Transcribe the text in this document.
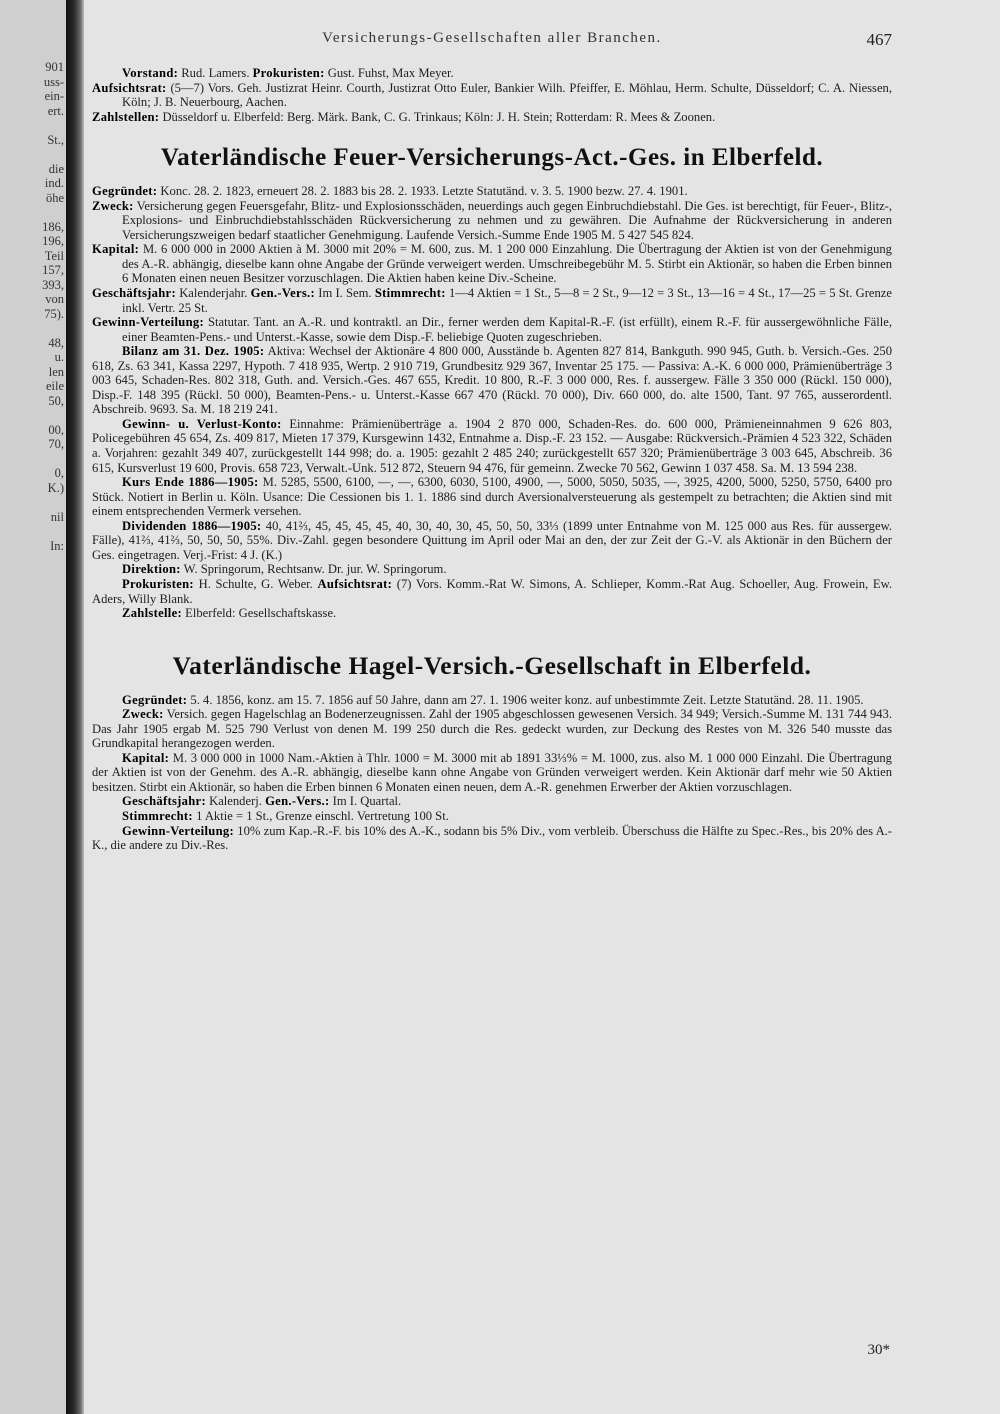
901
uss-
ein-
ert.
St.,
die
ind.
öhe
186,
196,
Teil
157,
393,
von
75).
48,
u.
len
eile
50,
00,
70,
0,
K.)
nil
In:
Versicherungs-Gesellschaften aller Branchen.	467
Vorstand: Rud. Lamers. Prokuristen: Gust. Fuhst, Max Meyer.
Aufsichtsrat: (5—7) Vors. Geh. Justizrat Heinr. Courth, Justizrat Otto Euler, Bankier Wilh. Pfeiffer, E. Möhlau, Herm. Schulte, Düsseldorf; C. A. Niessen, Köln; J. B. Neuerbourg, Aachen.
Zahlstellen: Düsseldorf u. Elberfeld: Berg. Märk. Bank, C. G. Trinkaus; Köln: J. H. Stein; Rotterdam: R. Mees & Zoonen.
Vaterländische Feuer-Versicherungs-Act.-Ges. in Elberfeld.
Gegründet: Konc. 28. 2. 1823, erneuert 28. 2. 1883 bis 28. 2. 1933. Letzte Statutänd. v. 3. 5. 1900 bezw. 27. 4. 1901.
Zweck: Versicherung gegen Feuersgefahr, Blitz- und Explosionsschäden, neuerdings auch gegen Einbruchdiebstahl. Die Ges. ist berechtigt, für Feuer-, Blitz-, Explosions- und Einbruchdiebstahlsschäden Rückversicherung zu nehmen und zu gewähren. Die Aufnahme der Rückversicherung in anderen Versicherungszweigen bedarf staatlicher Genehmigung. Laufende Versich.-Summe Ende 1905 M. 5 427 545 824.
Kapital: M. 6 000 000 in 2000 Aktien à M. 3000 mit 20% = M. 600, zus. M. 1 200 000 Einzahlung. Die Übertragung der Aktien ist von der Genehmigung des A.-R. abhängig, dieselbe kann ohne Angabe der Gründe verweigert werden. Umschreibegebühr M. 5. Stirbt ein Aktionär, so haben die Erben binnen 6 Monaten einen neuen Besitzer vorzuschlagen. Die Aktien haben keine Div.-Scheine.
Geschäftsjahr: Kalenderjahr. Gen.-Vers.: Im I. Sem. Stimmrecht: 1—4 Aktien = 1 St., 5—8 = 2 St., 9—12 = 3 St., 13—16 = 4 St., 17—25 = 5 St. Grenze inkl. Vertr. 25 St.
Gewinn-Verteilung: Statutar. Tant. an A.-R. und kontraktl. an Dir., ferner werden dem Kapital-R.-F. (ist erfüllt), einem R.-F. für aussergewöhnliche Fälle, einer Beamten-Pens.- und Unterst.-Kasse, sowie dem Disp.-F. beliebige Quoten zugeschrieben.
Bilanz am 31. Dez. 1905: Aktiva: Wechsel der Aktionäre 4 800 000, Ausstände b. Agenten 827 814, Bankguth. 990 945, Guth. b. Versich.-Ges. 250 618, Zs. 63 341, Kassa 2297, Hypoth. 7 418 935, Wertp. 2 910 719, Grundbesitz 929 367, Inventar 25 175. — Passiva: A.-K. 6 000 000, Prämienüberträge 3 003 645, Schaden-Res. 802 318, Guth. and. Versich.-Ges. 467 655, Kredit. 10 800, R.-F. 3 000 000, Res. f. aussergew. Fälle 3 350 000 (Rückl. 150 000), Disp.-F. 148 395 (Rückl. 50 000), Beamten-Pens.- u. Unterst.-Kasse 667 470 (Rückl. 70 000), Div. 660 000, do. alte 1500, Tant. 97 765, ausserordentl. Abschreib. 9693. Sa. M. 18 219 241.
Gewinn- u. Verlust-Konto: Einnahme: Prämienüberträge a. 1904 2 870 000, Schaden-Res. do. 600 000, Prämieneinnahmen 9 626 803, Policegebühren 45 654, Zs. 409 817, Mieten 17 379, Kursgewinn 1432, Entnahme a. Disp.-F. 23 152. — Ausgabe: Rückversich.-Prämien 4 523 322, Schäden a. Vorjahren: gezahlt 349 407, zurückgestellt 144 998; do. a. 1905: gezahlt 2 485 240; zurückgestellt 657 320; Prämienüberträge 3 003 645, Abschreib. 36 615, Kursverlust 19 600, Provis. 658 723, Verwalt.-Unk. 512 872, Steuern 94 476, für gemeinn. Zwecke 70 562, Gewinn 1 037 458. Sa. M. 13 594 238.
Kurs Ende 1886—1905: M. 5285, 5500, 6100, —, —, 6300, 6030, 5100, 4900, —, 5000, 5050, 5035, —, 3925, 4200, 5000, 5250, 5750, 6400 pro Stück. Notiert in Berlin u. Köln. Usance: Die Cessionen bis 1. 1. 1886 sind durch Aversionalversteuerung als gestempelt zu betrachten; die Aktien sind mit einem entsprechenden Vermerk versehen.
Dividenden 1886—1905: 40, 41⅔, 45, 45, 45, 45, 40, 30, 40, 30, 45, 50, 50, 33⅓ (1899 unter Entnahme von M. 125 000 aus Res. für aussergew. Fälle), 41⅔, 41⅔, 50, 50, 50, 55%. Div.-Zahl. gegen besondere Quittung im April oder Mai an den, der zur Zeit der G.-V. als Aktionär in den Büchern der Ges. eingetragen. Verj.-Frist: 4 J. (K.)
Direktion: W. Springorum, Rechtsanw. Dr. jur. W. Springorum.
Prokuristen: H. Schulte, G. Weber. Aufsichtsrat: (7) Vors. Komm.-Rat W. Simons, A. Schlieper, Komm.-Rat Aug. Schoeller, Aug. Frowein, Ew. Aders, Willy Blank.
Zahlstelle: Elberfeld: Gesellschaftskasse.
Vaterländische Hagel-Versich.-Gesellschaft in Elberfeld.
Gegründet: 5. 4. 1856, konz. am 15. 7. 1856 auf 50 Jahre, dann am 27. 1. 1906 weiter konz. auf unbestimmte Zeit. Letzte Statutänd. 28. 11. 1905.
Zweck: Versich. gegen Hagelschlag an Bodenerzeugnissen. Zahl der 1905 abgeschlossen gewesenen Versich. 34 949; Versich.-Summe M. 131 744 943. Das Jahr 1905 ergab M. 525 790 Verlust von denen M. 199 250 durch die Res. gedeckt wurden, zur Deckung des Restes von M. 326 540 musste das Grundkapital herangezogen werden.
Kapital: M. 3 000 000 in 1000 Nam.-Aktien à Thlr. 1000 = M. 3000 mit ab 1891 33⅓% = M. 1000, zus. also M. 1 000 000 Einzahl. Die Übertragung der Aktien ist von der Genehm. des A.-R. abhängig, dieselbe kann ohne Angabe von Gründen verweigert werden. Kein Aktionär darf mehr wie 50 Aktien besitzen. Stirbt ein Aktionär, so haben die Erben binnen 6 Monaten einen neuen, dem A.-R. genehmen Erwerber der Aktien vorzuschlagen.
Geschäftsjahr: Kalenderj. Gen.-Vers.: Im I. Quartal.
Stimmrecht: 1 Aktie = 1 St., Grenze einschl. Vertretung 100 St.
Gewinn-Verteilung: 10% zum Kap.-R.-F. bis 10% des A.-K., sodann bis 5% Div., vom verbleib. Überschuss die Hälfte zu Spec.-Res., bis 20% des A.-K., die andere zu Div.-Res.
30*
